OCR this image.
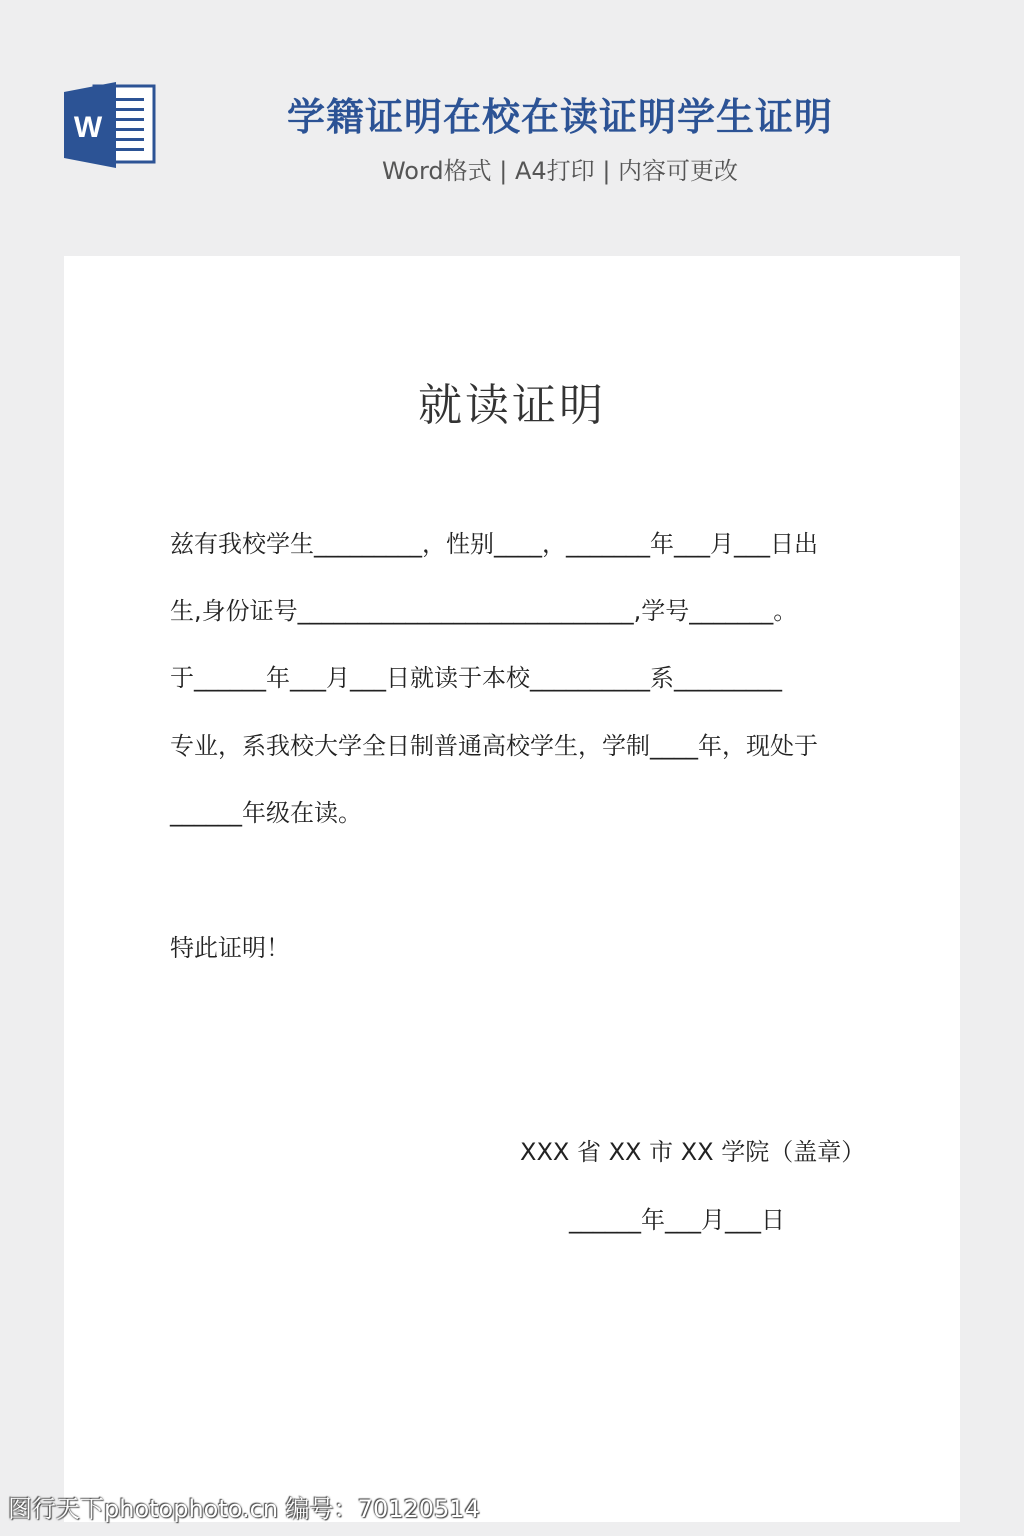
W	学籍证明在校在读证明学生证明
Word格式 | A4打印 | 内容可更改
就读证明
兹有我校学生_________，性别____，_______年___月___日出
生,身份证号____________________________,学号_______。
于______年___月___日就读于本校__________系_________
专业，系我校大学全日制普通高校学生，学制____年，现处于
______年级在读。
特此证明！
XXX 省 XX 市 XX 学院（盖章）
______年___月___日
图行天下photophoto.cn 编号：70120514
